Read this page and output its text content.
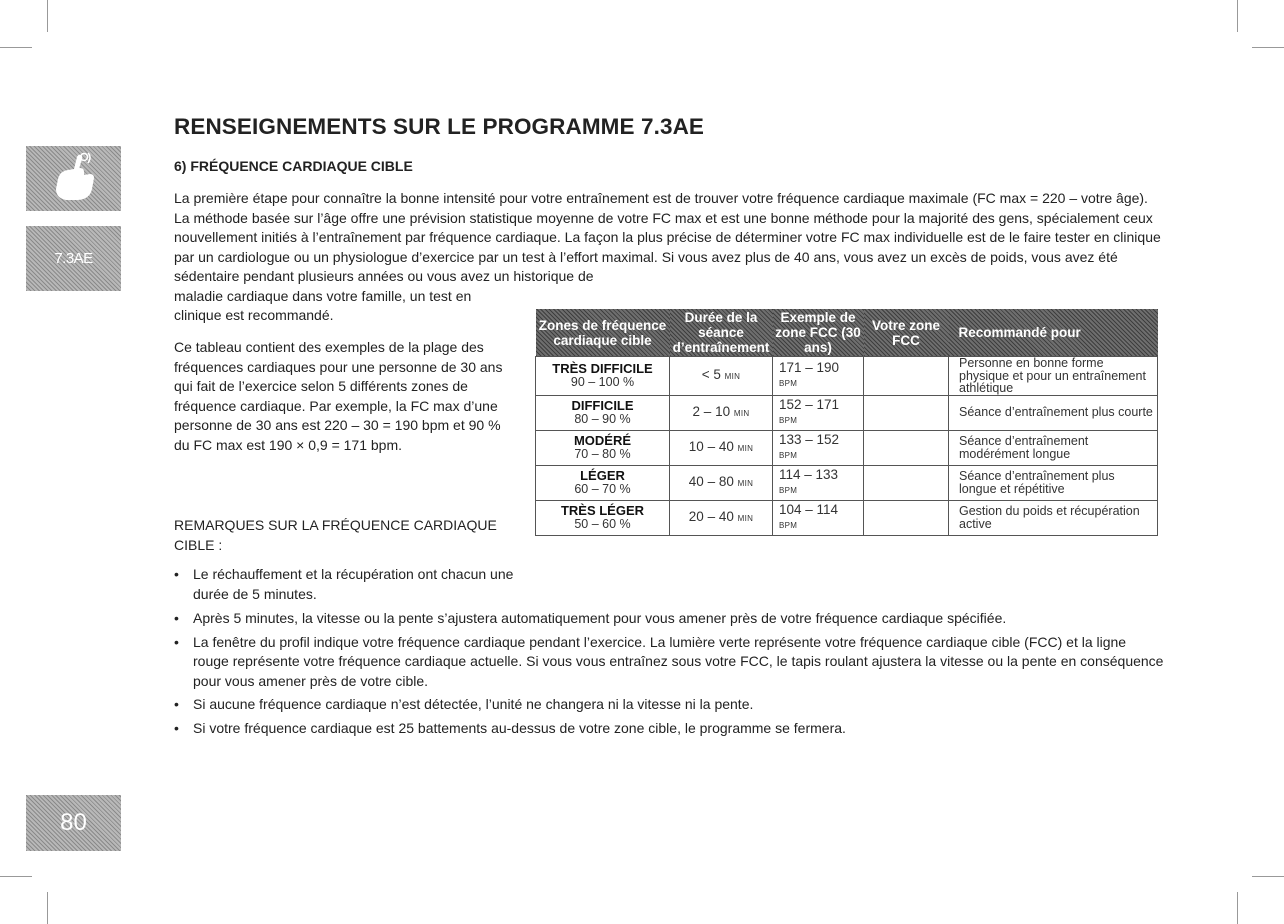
7.3AE
80
RENSEIGNEMENTS SUR LE PROGRAMME 7.3AE
6) FRÉQUENCE CARDIAQUE CIBLE

La première étape pour connaître la bonne intensité pour votre entraînement est de trouver votre fréquence cardiaque maximale (FC max = 220 – votre âge). La méthode basée sur l’âge offre une prévision statistique moyenne de votre FC max et est une bonne méthode pour la majorité des gens, spécialement ceux nouvellement initiés à l’entraînement par fréquence cardiaque. La façon la plus précise de déterminer votre FC max individuelle est de le faire tester en clinique par un cardiologue ou un physiologue d’exercice par un test à l’effort maximal. Si vous avez plus de 40 ans, vous avez un excès de poids, vous avez été sédentaire pendant plusieurs années ou vous avez un historique de
maladie cardiaque dans votre famille, un test en clinique est recommandé.

Ce tableau contient des exemples de la plage des fréquences cardiaques pour une personne de 30 ans qui fait de l’exercice selon 5 différents zones de fréquence cardiaque. Par exemple, la FC max d’une personne de 30 ans est 220 – 30 = 190 bpm et 90 % du FC max est 190 × 0,9 = 171 bpm.

REMARQUES SUR LA FRÉQUENCE CARDIAQUE CIBLE :

• Le réchauffement et la récupération ont chacun une durée de 5 minutes.
• Après 5 minutes, la vitesse ou la pente s’ajustera automatiquement pour vous amener près de votre fréquence cardiaque spécifiée.
• La fenêtre du profil indique votre fréquence cardiaque pendant l’exercice. La lumière verte représente votre fréquence cardiaque cible (FCC) et la ligne rouge représente votre fréquence cardiaque actuelle. Si vous vous entraînez sous votre FCC, le tapis roulant ajustera la vitesse ou la pente en conséquence pour vous amener près de votre cible.
• Si aucune fréquence cardiaque n’est détectée, l’unité ne changera ni la vitesse ni la pente.
• Si votre fréquence cardiaque est 25 battements au-dessus de votre zone cible, le programme se fermera.
Zones de fréquence cardiaque cible	Durée de la séance d’entraînement	Exemple de zone FCC (30 ans)	Votre zone FCC	Recommandé pour

TRÈS DIFFICILE
90 – 100 %	< 5 MIN	171 – 190 BPM		Personne en bonne forme physique et pour un entraînement athlétique

DIFFICILE
80 – 90 %	2 – 10 MIN	152 – 171 BPM		Séance d’entraînement plus courte

MODÉRÉ
70 – 80 %	10 – 40 MIN	133 – 152 BPM		Séance d’entraînement modérément longue

LÉGER
60 – 70 %	40 – 80 MIN	114 – 133 BPM		Séance d’entraînement plus longue et répétitive

TRÈS LÉGER
50 – 60 %	20 – 40 MIN	104 – 114 BPM		Gestion du poids et récupération active
